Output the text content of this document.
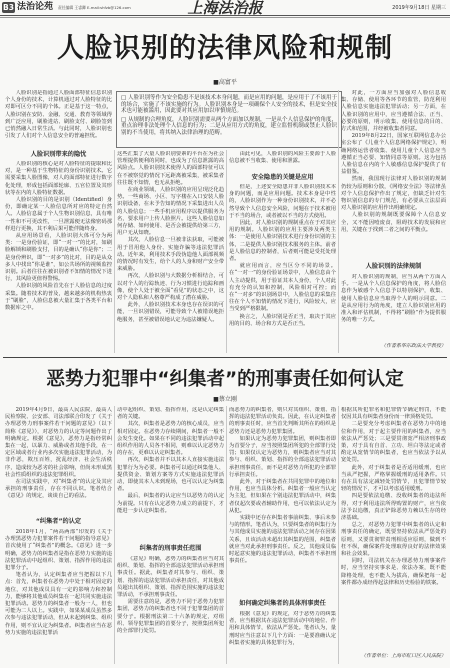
B3 法治论苑 责任编辑 王睿卿 E-mail:shfzb@126.com	上海法治报	2019年9月18日 星期三
人脸识别的法律风险和规制
■高富平

□ 人脸识别等作为安全隐患不是该技术本身问题，而是应用的问题，是应用于了不该用于的场合，实施了不该实施的行为。人脸识别本身是一项确保个人安全的技术，但是安全技术也可能被滥用，因此要对其应用加以审慎规范。

□ 从规制的合理角度，人脸识别需要从两个方面加以规制，一是从个人信息保护的角度，重点治理非法处理个人信息的行为；二是从应用方式的角度，建立监督机制或禁止人脸识别的不当使用，将其纳入法律治理的范畴。

人脸识别是指通过人脸面部特征信息识别个人身份的技术，计算机通过对人脸特征的比对即可区分不同的个体。正是基于这一特点，人脸识别在安防、金融、交通、教育等领域得到广泛应用，刷脸进站、刷脸支付、刷脸签到已悄然融入日常生活。与此同时，人脸识别也引发了人们对个人信息安全的普遍担忧。

人脸识别带来的隐忧

人脸识别的核心是对人脸特征的提取和比对，是一种基于生物特征的身份识别技术。它需要采集人脸图像，对人的面部特征进行数字化处理，形成包括面部轮廓、五官位置及其形状等在内的人脸特征数据。

人脸识别的目的是识别（Identified）身份，即确定某一人脸信息所对应的特定自然人。人脸信息属于个人生物识别信息，具有唯一性和不可更改性，一旦泄露便无法像密码那样进行更换，其不利后果可能伴随终身。

从应用场景看，人脸识别大体可分为两类：一是身份验证，即“一对一”的比对，如刷脸解锁和刷脸支付，目的是确认“你是你”；二是身份辨识，即“一对多”的比对，目的是从众多人中找出“你是谁”，如公共场所的视频监控识别。后者往往在被识别者不知情的情况下进行，其风险更值得警惕。

人脸识别的风险首先在于人脸信息的过度采集。随着技术的普及，越来越多的机构热衷于“刷脸”，人脸信息被大量汇集于各类平台和数据库之中。

这些汇集了大量人脸识别要素的平台在为社会管理提供便利的同时，也成为了信息泄露的高风险点。人脸识别技术使得人的面部特征可以在不被察觉的情况下远距离被采集，被采集者往往既不知情，也无从拒绝。

在商业领域，人脸识别的应用呈现泛化趋势。一些商场、小区、写字楼在入口安装人脸识别设备，在未予告知的情况下采集进出人员的人脸信息；一些手机应用程序以提供服务为名，要求用户上传人脸照片。这些人脸信息如何存储、如何使用、是否会被提供给第三方，用户无从知晓。

其次，人脸信息一旦被非法获取，可能被用于冒用他人身份、实施诈骗等违法犯罪活动。近年来，利用技术手段伪造他人面部视频的情况时有发生，给个人的人身和财产安全带来威胁。

再次，人脸识别与大数据分析相结合，可以对个人的行踪轨迹、行为习惯进行追踪和画像，使个人处于被全面“看见”的状态之中，这对个人隐私和人格尊严构成了潜在威胁。

此外，人脸识别技术本身也存在误识的可能，一旦识别错误，可能导致个人被错误地拒绝服务，甚至被错误地认定为违法嫌疑人。

由此可见，人脸识别的风险主要源于人脸信息被不当收集、使用和泄露。

安全隐患的关键是应用

但是，上述安全隐患并非人脸识别技术本身的问题，而是应用问题。技术本身是中性的，人脸识别作为一种身份识别技术，并不必然导致个人信息安全风险，问题在于技术被用于不当的场合，或者被以不当的方式使用。

因此，对人脸识别的规制重点在于对其应用的规制。人脸识别的应用主要涉及两类主体：一是使用人脸识别技术进行身份识别的主体，二是提供人脸识别技术服务的主体。前者是人脸信息的控制者，后者则可能是受托处理者。

就应用而言，应当区分不同的场景。在“一对一”的身份验证场景中，人脸信息由个人主动提供，用于验证其本人身份，个人对此有充分的认知和控制，风险相对可控；而在“一对多”的识别场景中，人脸信息的采集往往在个人不知情的情况下进行，风险较大，应当受到严格限制。

换言之，人脸识别是否正当，取决于其应用的目的、场合和方式是否正当。

对此，一方面应当加强对人脸信息收集、存储、使用等各环节的监管，防范利用人脸信息实施违法犯罪活动；另一方面，在人脸识别的应用中，应当遵循合法、正当、必要的原则，明示收集、使用信息的目的、方式和范围，并经被收集者同意。

2019年8月22日，国家互联网信息办公室公布了《儿童个人信息网络保护规定》，明确网络运营者收集、使用儿童个人信息应当遵循正当必要、知情同意等原则。这为包括人脸信息在内的个人敏感信息保护提供了有益借鉴。

然而，我国现行法律对人脸识别的规制仍较为原则和分散，《网络安全法》等法律虽对个人信息保护作出了规定，但缺乏针对生物识别信息的专门规范，有必要从立法层面对人脸识别的应用作出明确规定。

人脸识别的规制既要保障个人信息安全，又不能因噎废食，阻碍技术的发展和应用，关键在于找到二者之间的平衡点。

人脸识别的法律规制

对人脸识别的规制，应当从两个方面入手。一是从个人信息保护的角度，将人脸信息作为敏感个人信息予以特别保护，收集、使用人脸信息应当取得个人的明示同意。二是从应用行为的角度，建立人脸识别应用的准入和评估机制，不得将“刷脸”作为提供服务的唯一方式。

（作者系华东政法大学教授）
恶势力犯罪中“纠集者”的刑事责任如何认定
■蔡立刚

2019年4月9日，最高人民法院、最高人民检察院、公安部、司法部联合印发了《关于办理恶势力刑事案件若干问题的意见》（以下简称《意见》），对恶势力的认定等问题作出了明确规定。根据《意见》，恶势力是指经常纠集在一起，以暴力、威胁或者其他手段，在一定区域或者行业内多次实施违法犯罪活动，为非作恶，欺压百姓，扰乱经济、社会生活秩序，造成较为恶劣的社会影响，但尚未形成黑社会性质组织的违法犯罪组织。

在司法实践中，对“纠集者”的认定及其应承担的刑事责任，存在不同认识。笔者结合《意见》的规定，谈谈自己的看法。

“纠集者”的认定

2018年1月，“两高两部”印发的《关于办理黑恶势力犯罪案件若干问题的指导意见》首次使用了“纠集者”的概念。《意见》进一步明确，恶势力的纠集者是指在恶势力实施的违法犯罪活动中起组织、策划、指挥作用的违法犯罪分子。

笔者认为，认定纠集者应当把握以下几点：首先，纠集者在恶势力中处于相对固定的地位，对其他成员具有一定的影响力和控制力，能够将其他成员纠集在一起共同实施违法犯罪活动。恶势力的纠集者一般为一人，但也可能为二人以上。实践中，如果某成员虽然多次参与违法犯罪活动，但从未起到纠集、组织作用，则不宜认定为纠集者。纠集者应当在恶势力实施的违法犯罪活

动中起组织、策划、指挥作用，这是认定纠集者的关键。

其次，纠集者是恶势力的核心成员，应当相对固定。在恶势力存续期间，纠集者一般不会发生变化。如果在不同的违法犯罪活动中起组织作用的人员各不相同，则难以认定恶势力的存在，更难以认定纠集者。

再次，纠集者并不以其本人直接实施违法犯罪行为为必要。纠集者可以通过纠集他人、提供资金、策划方案等方式实施违法犯罪活动，即使其本人未到现场，也可以认定为纠集者。

最后，纠集者的认定应当以恶势力的认定为前提。只有在认定恶势力成立的前提下，才能进一步认定纠集者。

纠集者的刑事责任范围

《意见》明确，恶势力的纠集者应当对其组织、策划、指挥的全部违法犯罪活动承担刑事责任。据此，纠集者对其参与、组织、策划、指挥的违法犯罪活动承担责任，对其他成员超出其组织、策划、指挥范围实施的违法犯罪活动，不承担刑事责任。

需要注意的是，恶势力不同于恶势力犯罪集团，恶势力的纠集者也不同于犯罪集团的首要分子。根据刑法第二十六条的规定，对组织、领导犯罪集团的首要分子，按照集团所犯的全部罪行处罚。

而恶势力的纠集者，则只对其组织、策划、指挥的违法犯罪活动负责。因此，在认定纠集者的刑事责任时，应当首先判断其所在的组织是恶势力还是恶势力犯罪集团。

如果认定为恶势力犯罪集团，则纠集者即为首要分子，应当按照集团所犯的全部罪行处罚；如果仅认定为恶势力，则纠集者应当对其参与、组织、策划、指挥的全部违法犯罪活动承担刑事责任，而不是对恶势力所犯的全部罪行承担责任。

此外，对于纠集者在共同犯罪中的地位和作用，也应当具体分析。纠集者一般应当认定为主犯，但如果在个别违法犯罪活动中，纠集者仅起次要或者辅助作用，也可以依法认定为从犯。

实践中还存在纠集者事前纠集、事后未参与的情形。笔者认为，只要纠集者的纠集行为与其他成员实施的违法犯罪活动之间存在因果关系，且该活动未超出其纠集的范围，纠集者就应当对此承担刑事责任。反之，其他成员临时起意实施的违法犯罪活动，纠集者不承担刑事责任。

如何确定纠集者的具体刑事责任

根据《意见》的规定，对于恶势力的纠集者，应当根据其在违法犯罪活动中的地位、作用和具体情节，依法从严惩处。笔者认为，量刑时应当注意以下几个方面：一是要准确认定纠集者实施的具体犯罪行为，

根据其所犯罪名和犯罪情节确定刑罚，不能仅因其具有纠集者身份而一律顶格处罚。

二是要充分考虑纠集者在恶势力中的地位和作用，对于起主要作用的纠集者，应当依法从严惩处；三是要贯彻宽严相济刑事政策，对于具有自首、立功、坦白等法定或者酌定从宽情节的纠集者，也应当依法予以从宽处罚。

此外，对于纠集者是否适用缓刑，也应当从严把握，严格掌握缓刑的适用条件。只有在具有法定减轻处罚情节，且犯罪情节较轻的情况下，才可以考虑适用缓刑。

四是要依法追缴、没收纠集者的违法所得，对于利用违法所得购置的财产，应当依法予以追缴，真正铲除恶势力赖以生存的经济基础。

总之，对恶势力犯罪中纠集者的认定和刑事责任的确定，既要坚持依法从严惩处的原则，又要贯彻罪责刑相适应原则，做到不枉不纵，确保案件处理取得良好的法律效果和社会效果。

同时，司法机关在办理恶势力刑事案件时，应当坚持实事求是、依法办案，既不能降格处理，也不能人为拔高，确保把每一起案件都办成经得起法律和历史检验的铁案。

（作者单位：上海市虹口区人民法院）
